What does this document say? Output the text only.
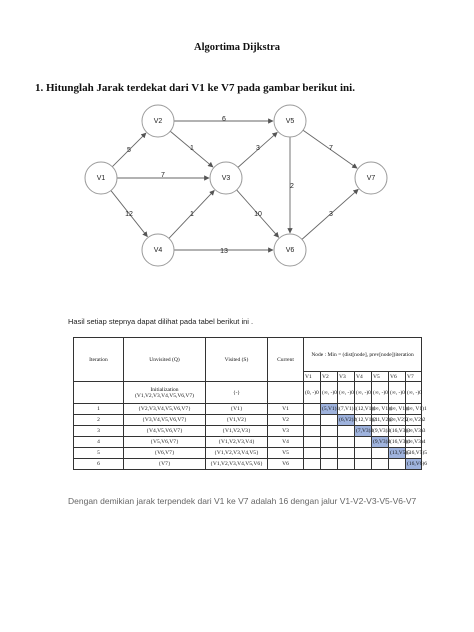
Algortima Dijkstra
1. Hitunglah Jarak terdekat dari V1 ke V7 pada gambar berikut ini.
5
7
12
6
1	3
1	10
13
2
7
3
V1
V2
V3
V4
V5
V6
V7
Hasil setiap stepnya dapat dilihat pada tabel berikut ini .
Iteration	Unvisited (Q)	Visited (S)	Current	Node : Min = (dist[node], prev[node])iteration						
				V1	V2	V3	V4	V5	V6	V7
	Initialization (V1,V2,V3,V4,V5,V6,V7)	{-}		(0, -)0	(∞, -)0	(∞, -)0	(∞, -)0	(∞, -)0	(∞, -)0	(∞, -)0
1	{V2,V3,V4,V5,V6,V7}	{V1}	V1		(5,V1)1	(7,V1)1	(12,V1)1	(∞, V1)1	(∞, V1)1	(∞, V1)1
2	{V3,V4,V5,V6,V7}	{V1,V2}	V2			(6,V2)2	(12,V1)2	(11,V2)2	(∞,V2)2	(∞,V2)2
3	{V4,V5,V6,V7}	{V1,V2,V3}	V3				(7,V3)3	(9,V3)3	(16,V3)3	(∞,V3)3
4	{V5,V6,V7}	{V1,V2,V3,V4}	V4					(9,V3)4	(16,V3)4	(∞,V3)4
5	{V6,V7}	{V1,V2,V3,V4,V5}	V5						(13,V5)5	(16,V5)5
6	{V7}	{V1,V2,V3,V4,V5,V6}	V6							(16,V6)6
Dengan demikian jarak terpendek dari V1 ke V7 adalah 16 dengan jalur V1-V2-V3-V5-V6-V7
